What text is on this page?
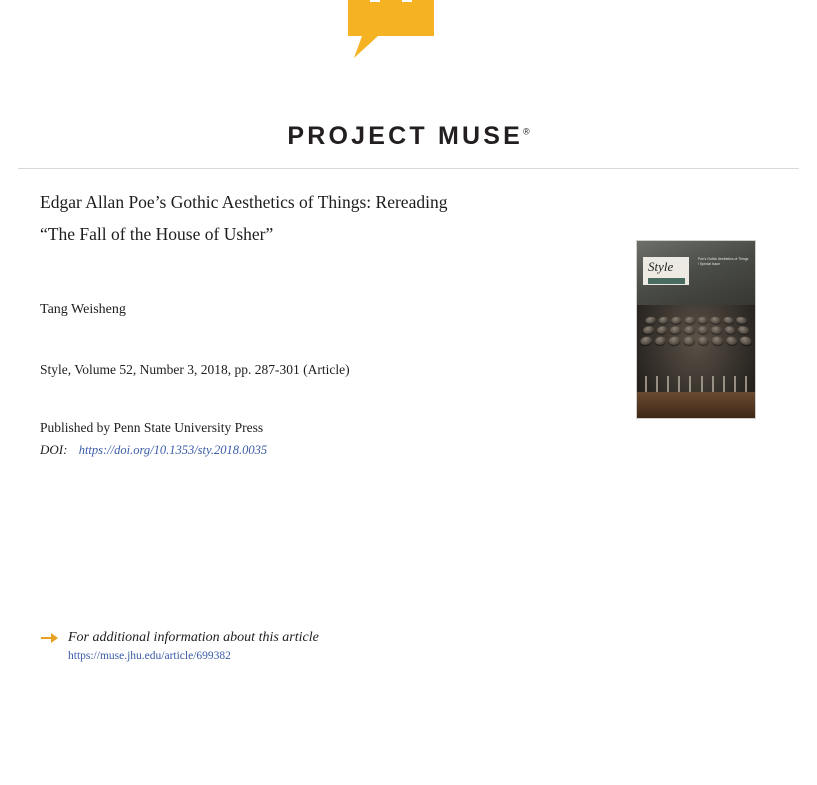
PROJECT MUSE®
Edgar Allan Poe’s Gothic Aesthetics of Things: Rereading
“The Fall of the House of Usher”
Tang Weisheng
Style, Volume 52, Number 3, 2018, pp. 287-301 (Article)
Published by Penn State University Press
DOI: https://doi.org/10.1353/sty.2018.0035
Style	Poe's Gothic Aesthetics of Things / Special Issue
For additional information about this article
https://muse.jhu.edu/article/699382
